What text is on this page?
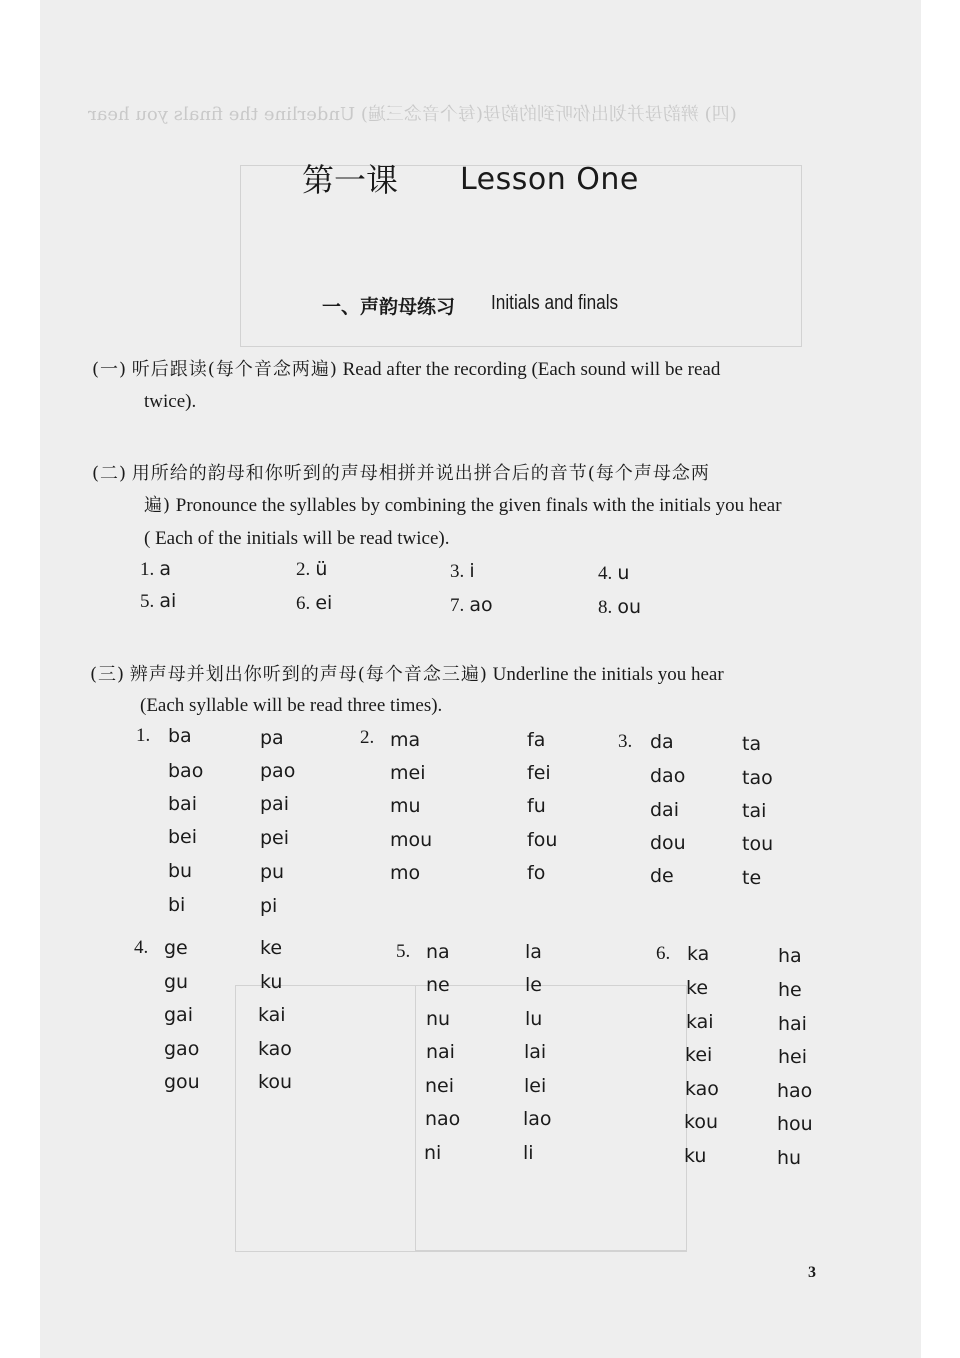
(四) 辨韵母并划出你听到的韵母(每个音念三遍) Underline the finals you hear
第一课 Lesson One
一、声韵母练习 Initials and finals
(一) 听后跟读(每个音念两遍) Read after the recording (Each sound will be read
twice).
(二) 用所给的韵母和你听到的声母相拼并说出拼合后的音节(每个声母念两
遍) Pronounce the syllables by combining the given finals with the initials you hear
( Each of the initials will be read twice).
1. a	2. ü	3. i	4. u
5. ai	6. ei	7. ao	8. ou
(三) 辨声母并划出你听到的声母(每个音念三遍) Underline the initials you hear
(Each syllable will be read three times).
1. ba	pa
bao	pao
bai	pai
bei	pei
bu	pu
bi	pi
2. ma	fa
mei	fei
mu	fu
mou	fou
mo	fo
3. da	ta
dao	tao
dai	tai
dou	tou
de	te
4. ge	ke
gu	ku
gai	kai
gao	kao
gou	kou
5. na	la
ne	le
nu	lu
nai	lai
nei	lei
nao	lao
ni	li
6. ka	ha
ke	he
kai	hai
kei	hei
kao	hao
kou	hou
ku	hu
3
